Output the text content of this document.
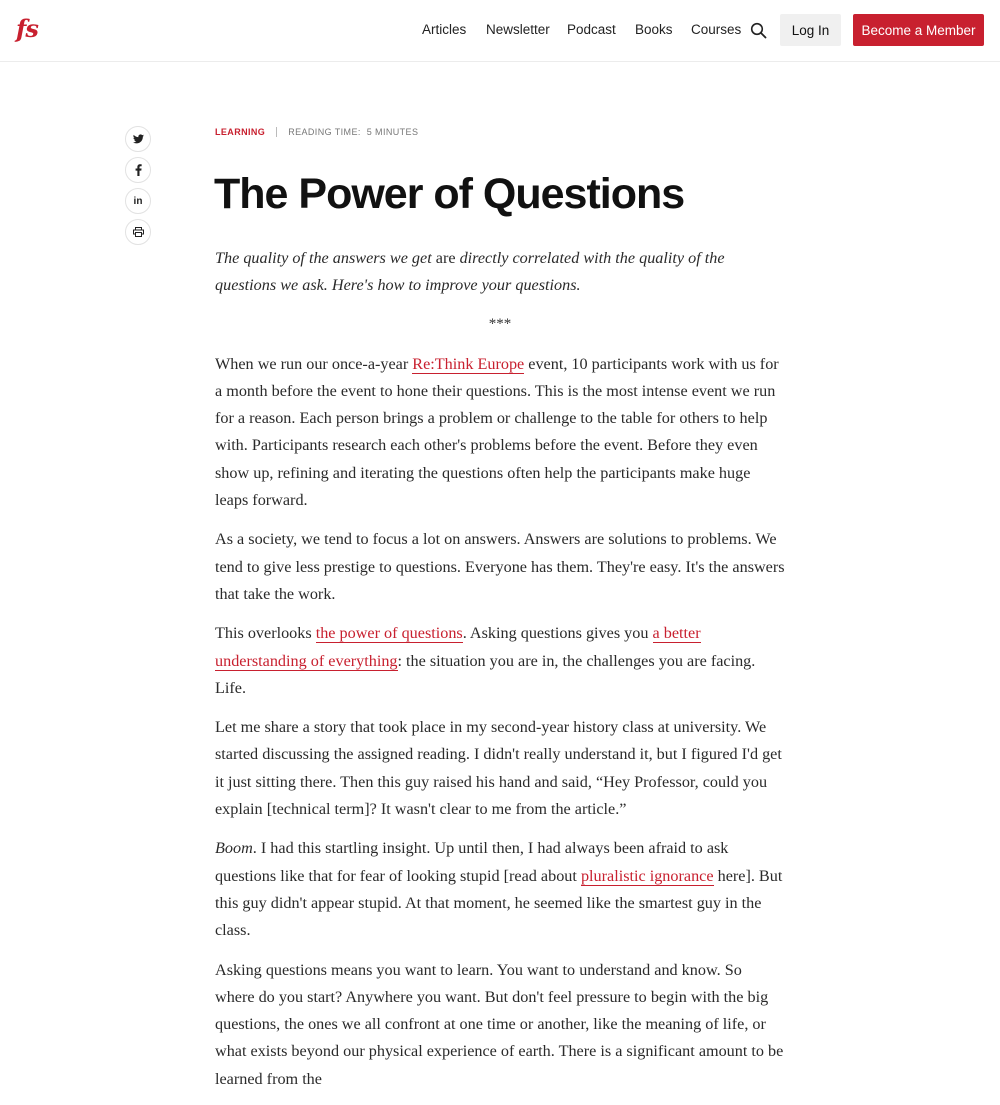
fs	Articles Newsletter Podcast Books Courses	Log In	Become a Member
in
LEARNING	READING TIME: 5 MINUTES
The Power of Questions

The quality of the answers we get are directly correlated with the quality of the questions we ask. Here's how to improve your questions.

***

When we run our once-a-year Re:Think Europe event, 10 participants work with us for a month before the event to hone their questions. This is the most intense event we run for a reason. Each person brings a problem or challenge to the table for others to help with. Participants research each other's problems before the event. Before they even show up, refining and iterating the questions often help the participants make huge leaps forward.

As a society, we tend to focus a lot on answers. Answers are solutions to problems. We tend to give less prestige to questions. Everyone has them. They're easy. It's the answers that take the work.

This overlooks the power of questions. Asking questions gives you a better understanding of everything: the situation you are in, the challenges you are facing. Life.

Let me share a story that took place in my second-year history class at university. We started discussing the assigned reading. I didn't really understand it, but I figured I'd get it just sitting there. Then this guy raised his hand and said, “Hey Professor, could you explain [technical term]? It wasn't clear to me from the article.”

Boom. I had this startling insight. Up until then, I had always been afraid to ask questions like that for fear of looking stupid [read about pluralistic ignorance here]. But this guy didn't appear stupid. At that moment, he seemed like the smartest guy in the class.

Asking questions means you want to learn. You want to understand and know. So where do you start? Anywhere you want. But don't feel pressure to begin with the big questions, the ones we all confront at one time or another, like the meaning of life, or what exists beyond our physical experience of earth. There is a significant amount to be learned from the
